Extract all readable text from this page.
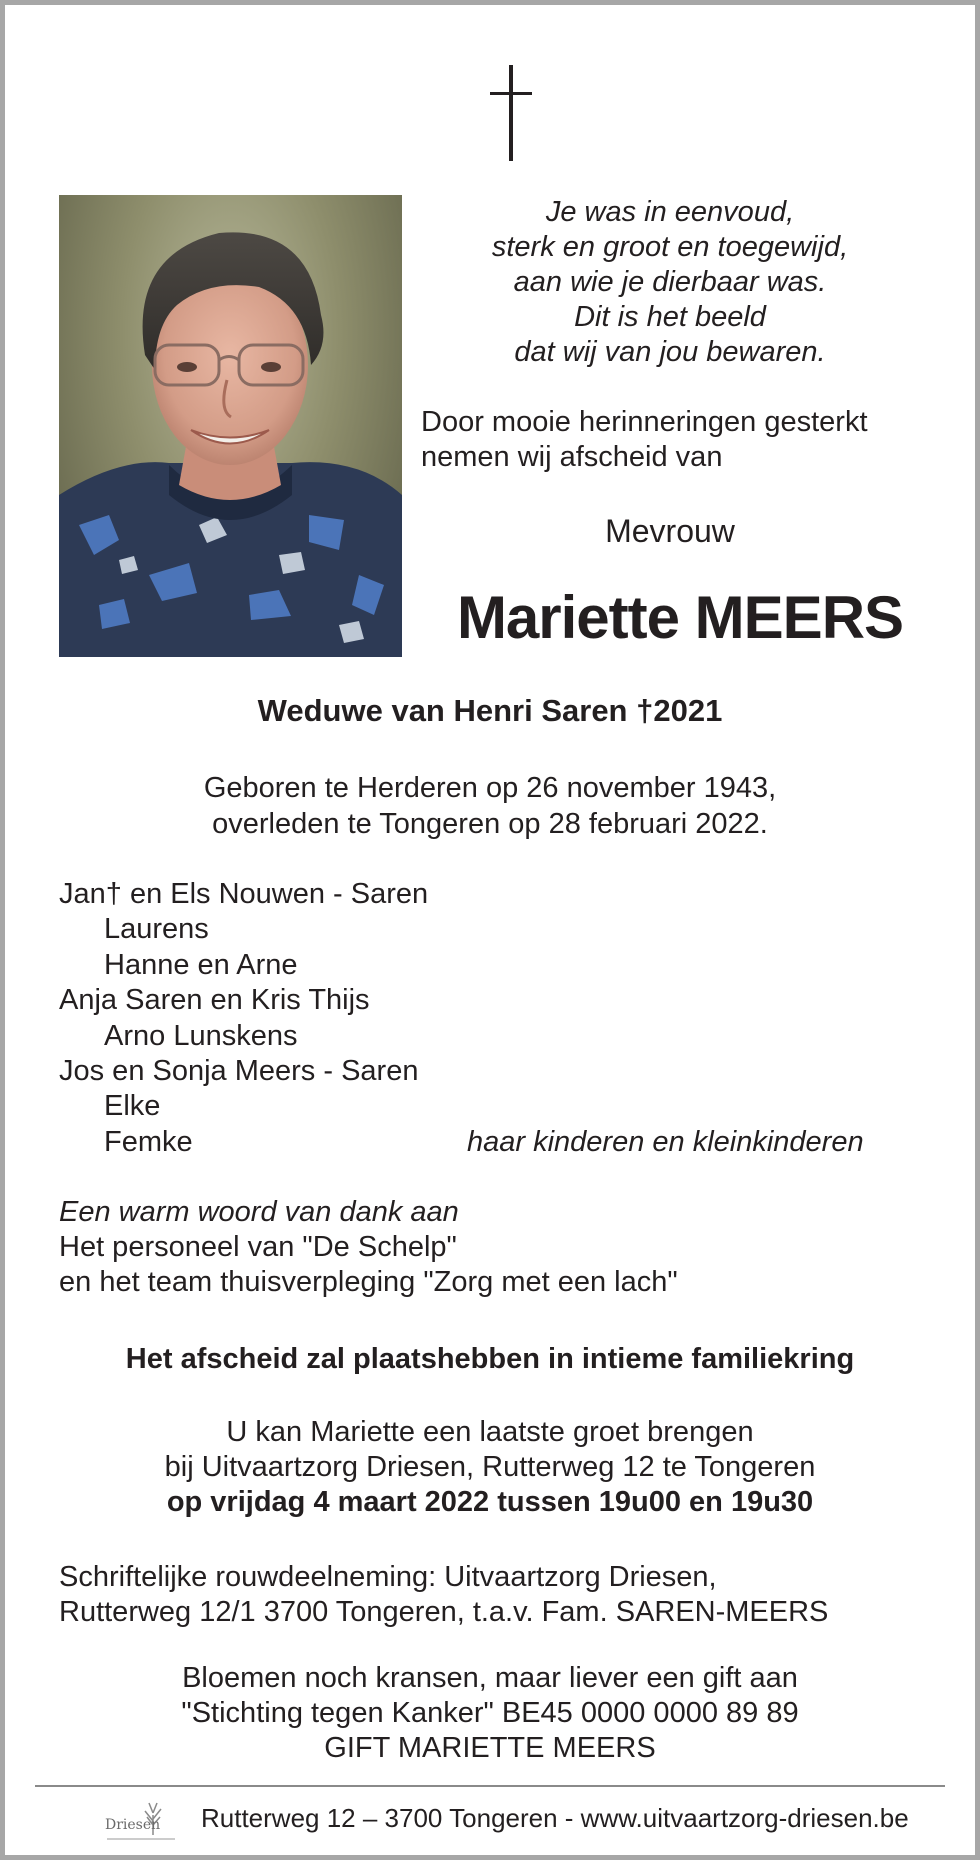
Je was in eenvoud,
sterk en groot en toegewijd,
aan wie je dierbaar was.
Dit is het beeld
dat wij van jou bewaren.
Door mooie herinneringen gesterkt
nemen wij afscheid van
Mevrouw
Mariette MEERS
Weduwe van Henri Saren †2021
Geboren te Herderen op 26 november 1943,
overleden te Tongeren op 28 februari 2022.
Jan† en Els Nouwen - Saren
Laurens
Hanne en Arne
Anja Saren en Kris Thijs
Arno Lunskens
Jos en Sonja Meers - Saren
Elke
Femke	haar kinderen en kleinkinderen
Een warm woord van dank aan
Het personeel van "De Schelp"
en het team thuisverpleging "Zorg met een lach"
Het afscheid zal plaatshebben in intieme familiekring
U kan Mariette een laatste groet brengen
bij Uitvaartzorg Driesen, Rutterweg 12 te Tongeren
op vrijdag 4 maart 2022 tussen 19u00 en 19u30
Schriftelijke rouwdeelneming: Uitvaartzorg Driesen,
Rutterweg 12/1 3700 Tongeren, t.a.v. Fam. SAREN-MEERS
Bloemen noch kransen, maar liever een gift aan
"Stichting tegen Kanker" BE45 0000 0000 89 89
GIFT MARIETTE MEERS
Driesen Rutterweg 12 – 3700 Tongeren - www.uitvaartzorg-driesen.be
